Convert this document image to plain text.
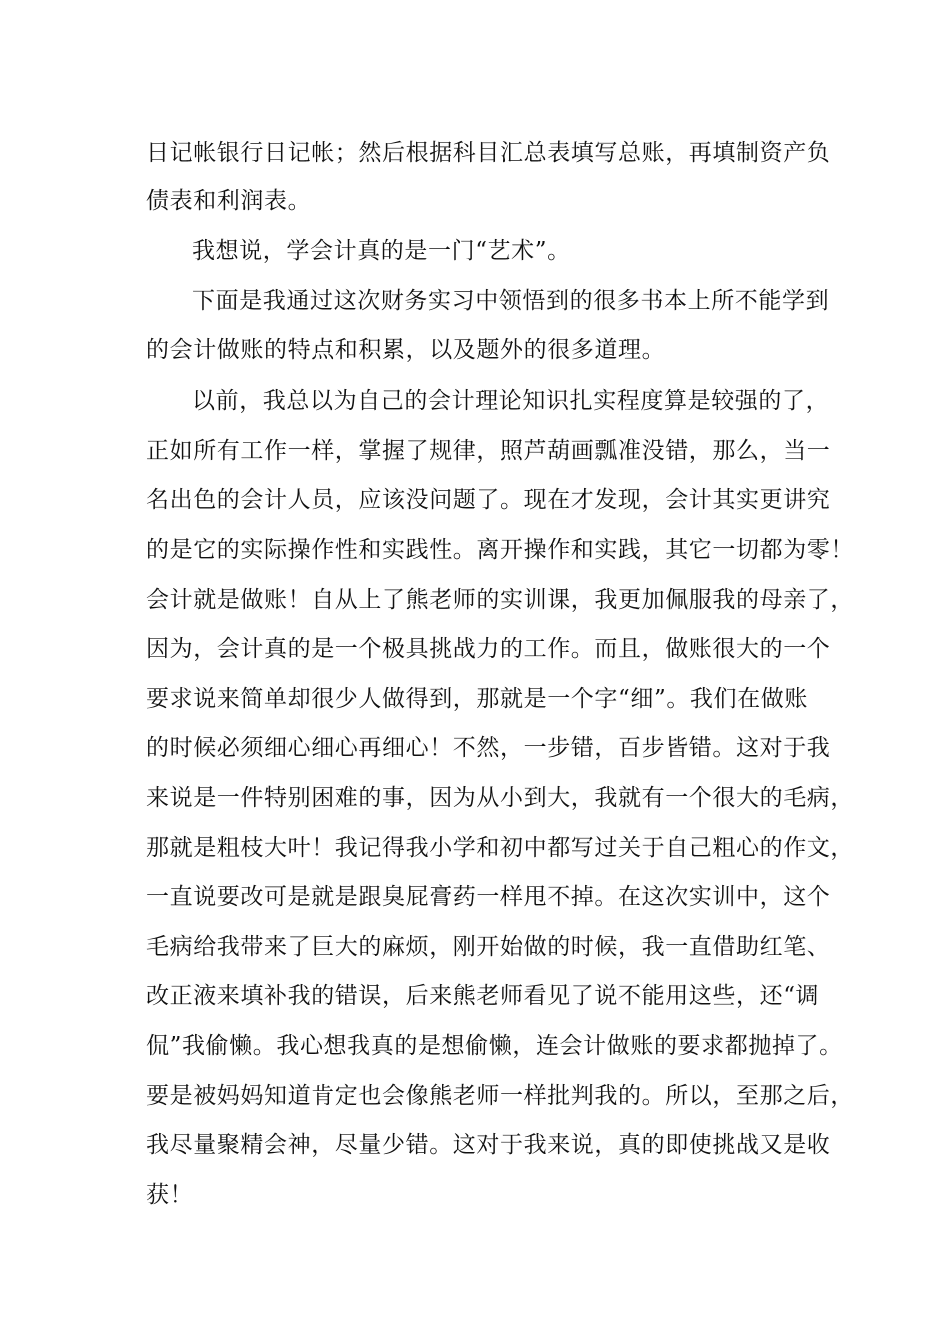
日记帐银行日记帐；然后根据科目汇总表填写总账，再填制资产负
债表和利润表。
我想说，学会计真的是一门“艺术”。
下面是我通过这次财务实习中领悟到的很多书本上所不能学到
的会计做账的特点和积累，以及题外的很多道理。
以前，我总以为自己的会计理论知识扎实程度算是较强的了，
正如所有工作一样，掌握了规律，照芦葫画瓢准没错，那么，当一
名出色的会计人员，应该没问题了。现在才发现，会计其实更讲究
的是它的实际操作性和实践性。离开操作和实践，其它一切都为零！
会计就是做账！自从上了熊老师的实训课，我更加佩服我的母亲了，
因为，会计真的是一个极具挑战力的工作。而且，做账很大的一个
要求说来简单却很少人做得到，那就是一个字“细”。我们在做账
的时候必须细心细心再细心！不然，一步错，百步皆错。这对于我
来说是一件特别困难的事，因为从小到大，我就有一个很大的毛病，
那就是粗枝大叶！我记得我小学和初中都写过关于自己粗心的作文，
一直说要改可是就是跟臭屁膏药一样甩不掉。在这次实训中，这个
毛病给我带来了巨大的麻烦，刚开始做的时候，我一直借助红笔、
改正液来填补我的错误，后来熊老师看见了说不能用这些，还“调
侃”我偷懒。我心想我真的是想偷懒，连会计做账的要求都抛掉了。
要是被妈妈知道肯定也会像熊老师一样批判我的。所以，至那之后，
我尽量聚精会神，尽量少错。这对于我来说，真的即使挑战又是收
获！
